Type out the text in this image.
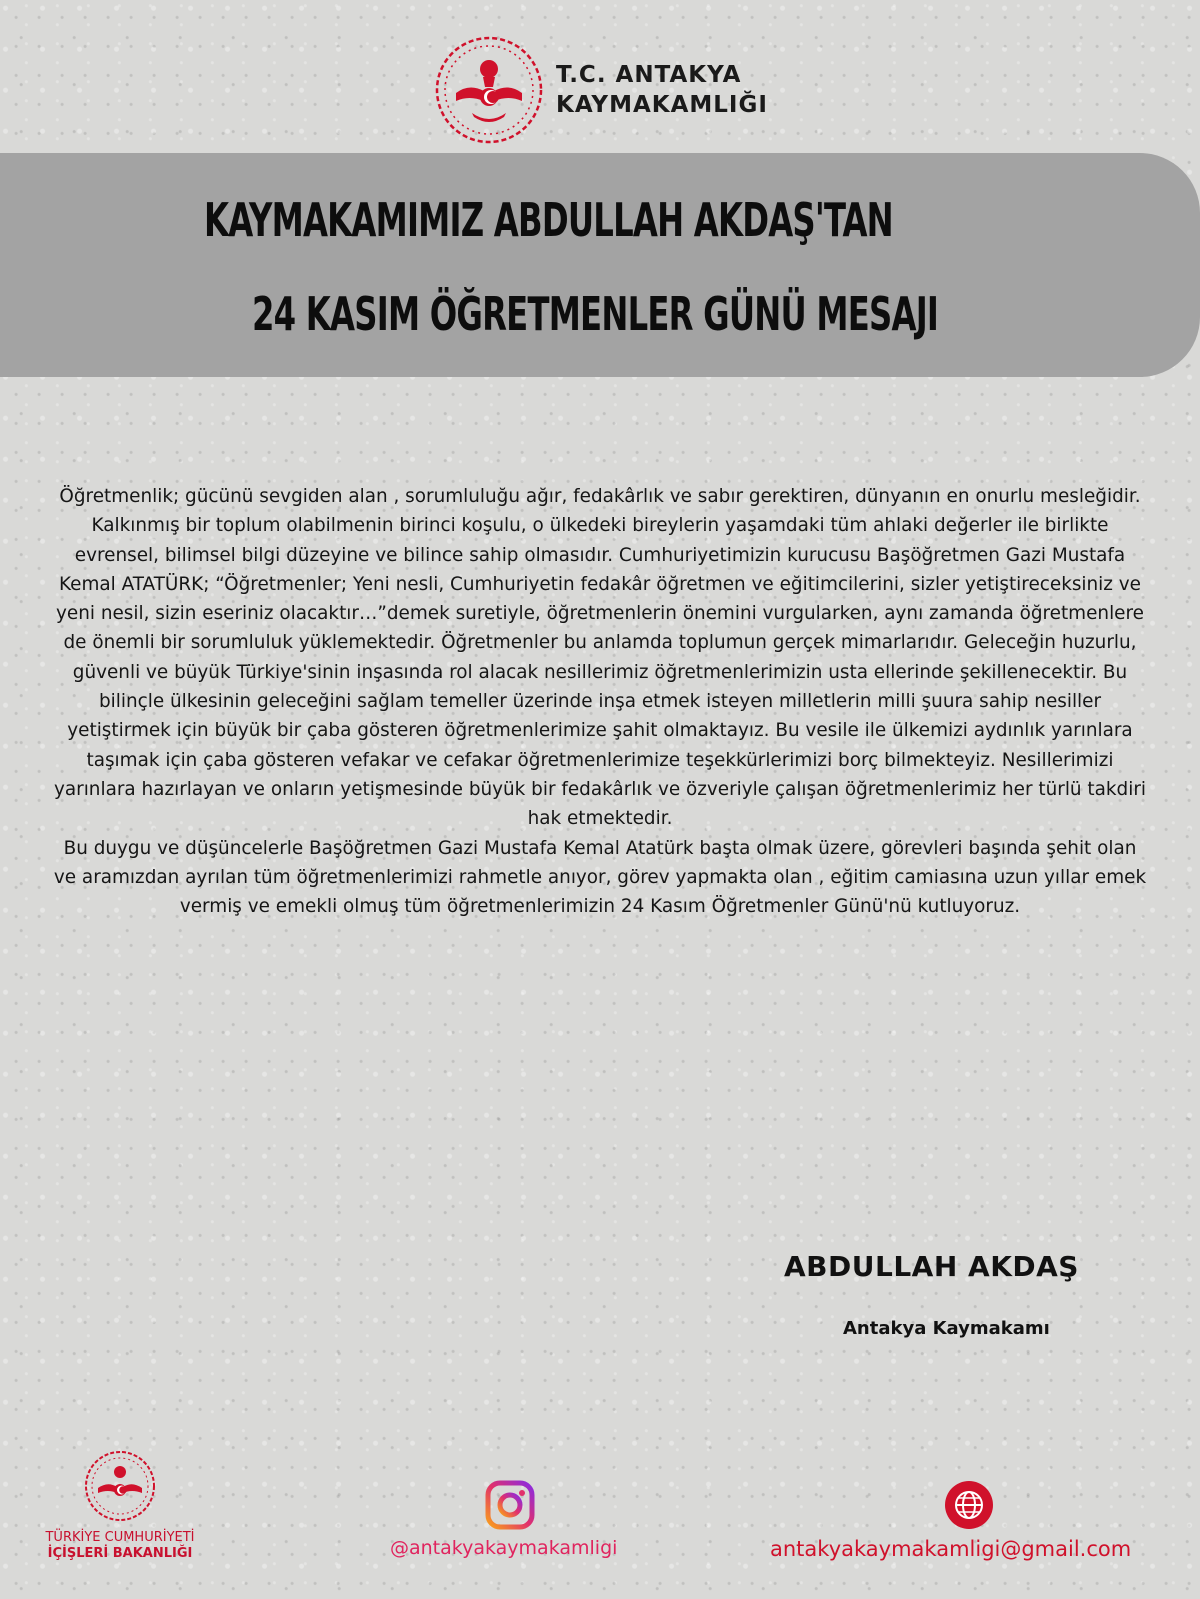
T.C. ANTAKYA
KAYMAKAMLIĞI
KAYMAKAMIMIZ ABDULLAH AKDAŞ'TAN
24 KASIM ÖĞRETMENLER GÜNÜ MESAJI

Öğretmenlik; gücünü sevgiden alan , sorumluluğu ağır, fedakârlık ve sabır gerektiren, dünyanın en onurlu mesleğidir. Kalkınmış bir toplum olabilmenin birinci koşulu, o ülkedeki bireylerin yaşamdaki tüm ahlaki değerler ile birlikte evrensel, bilimsel bilgi düzeyine ve bilince sahip olmasıdır. Cumhuriyetimizin kurucusu Başöğretmen Gazi Mustafa Kemal ATATÜRK; “Öğretmenler; Yeni nesli, Cumhuriyetin fedakâr öğretmen ve eğitimcilerini, sizler yetiştireceksiniz ve yeni nesil, sizin eseriniz olacaktır…”demek suretiyle, öğretmenlerin önemini vurgularken, aynı zamanda öğretmenlere de önemli bir sorumluluk yüklemektedir. Öğretmenler bu anlamda toplumun gerçek mimarlarıdır. Geleceğin huzurlu, güvenli ve büyük Türkiye'sinin inşasında rol alacak nesillerimiz öğretmenlerimizin usta ellerinde şekillenecektir. Bu bilinçle ülkesinin geleceğini sağlam temeller üzerinde inşa etmek isteyen milletlerin milli şuura sahip nesiller yetiştirmek için büyük bir çaba gösteren öğretmenlerimize şahit olmaktayız. Bu vesile ile ülkemizi aydınlık yarınlara taşımak için çaba gösteren vefakar ve cefakar öğretmenlerimize teşekkürlerimizi borç bilmekteyiz. Nesillerimizi yarınlara hazırlayan ve onların yetişmesinde büyük bir fedakârlık ve özveriyle çalışan öğretmenlerimiz her türlü takdiri hak etmektedir.

Bu duygu ve düşüncelerle Başöğretmen Gazi Mustafa Kemal Atatürk başta olmak üzere, görevleri başında şehit olan ve aramızdan ayrılan tüm öğretmenlerimizi rahmetle anıyor, görev yapmakta olan , eğitim camiasına uzun yıllar emek vermiş ve emekli olmuş tüm öğretmenlerimizin 24 Kasım Öğretmenler Günü'nü kutluyoruz.

ABDULLAH AKDAŞ
Antakya Kaymakamı
TÜRKİYE CUMHURİYETİ
İÇİŞLERİ BAKANLIĞI	@antakyakaymakamligi	antakyakaymakamligi@gmail.com
